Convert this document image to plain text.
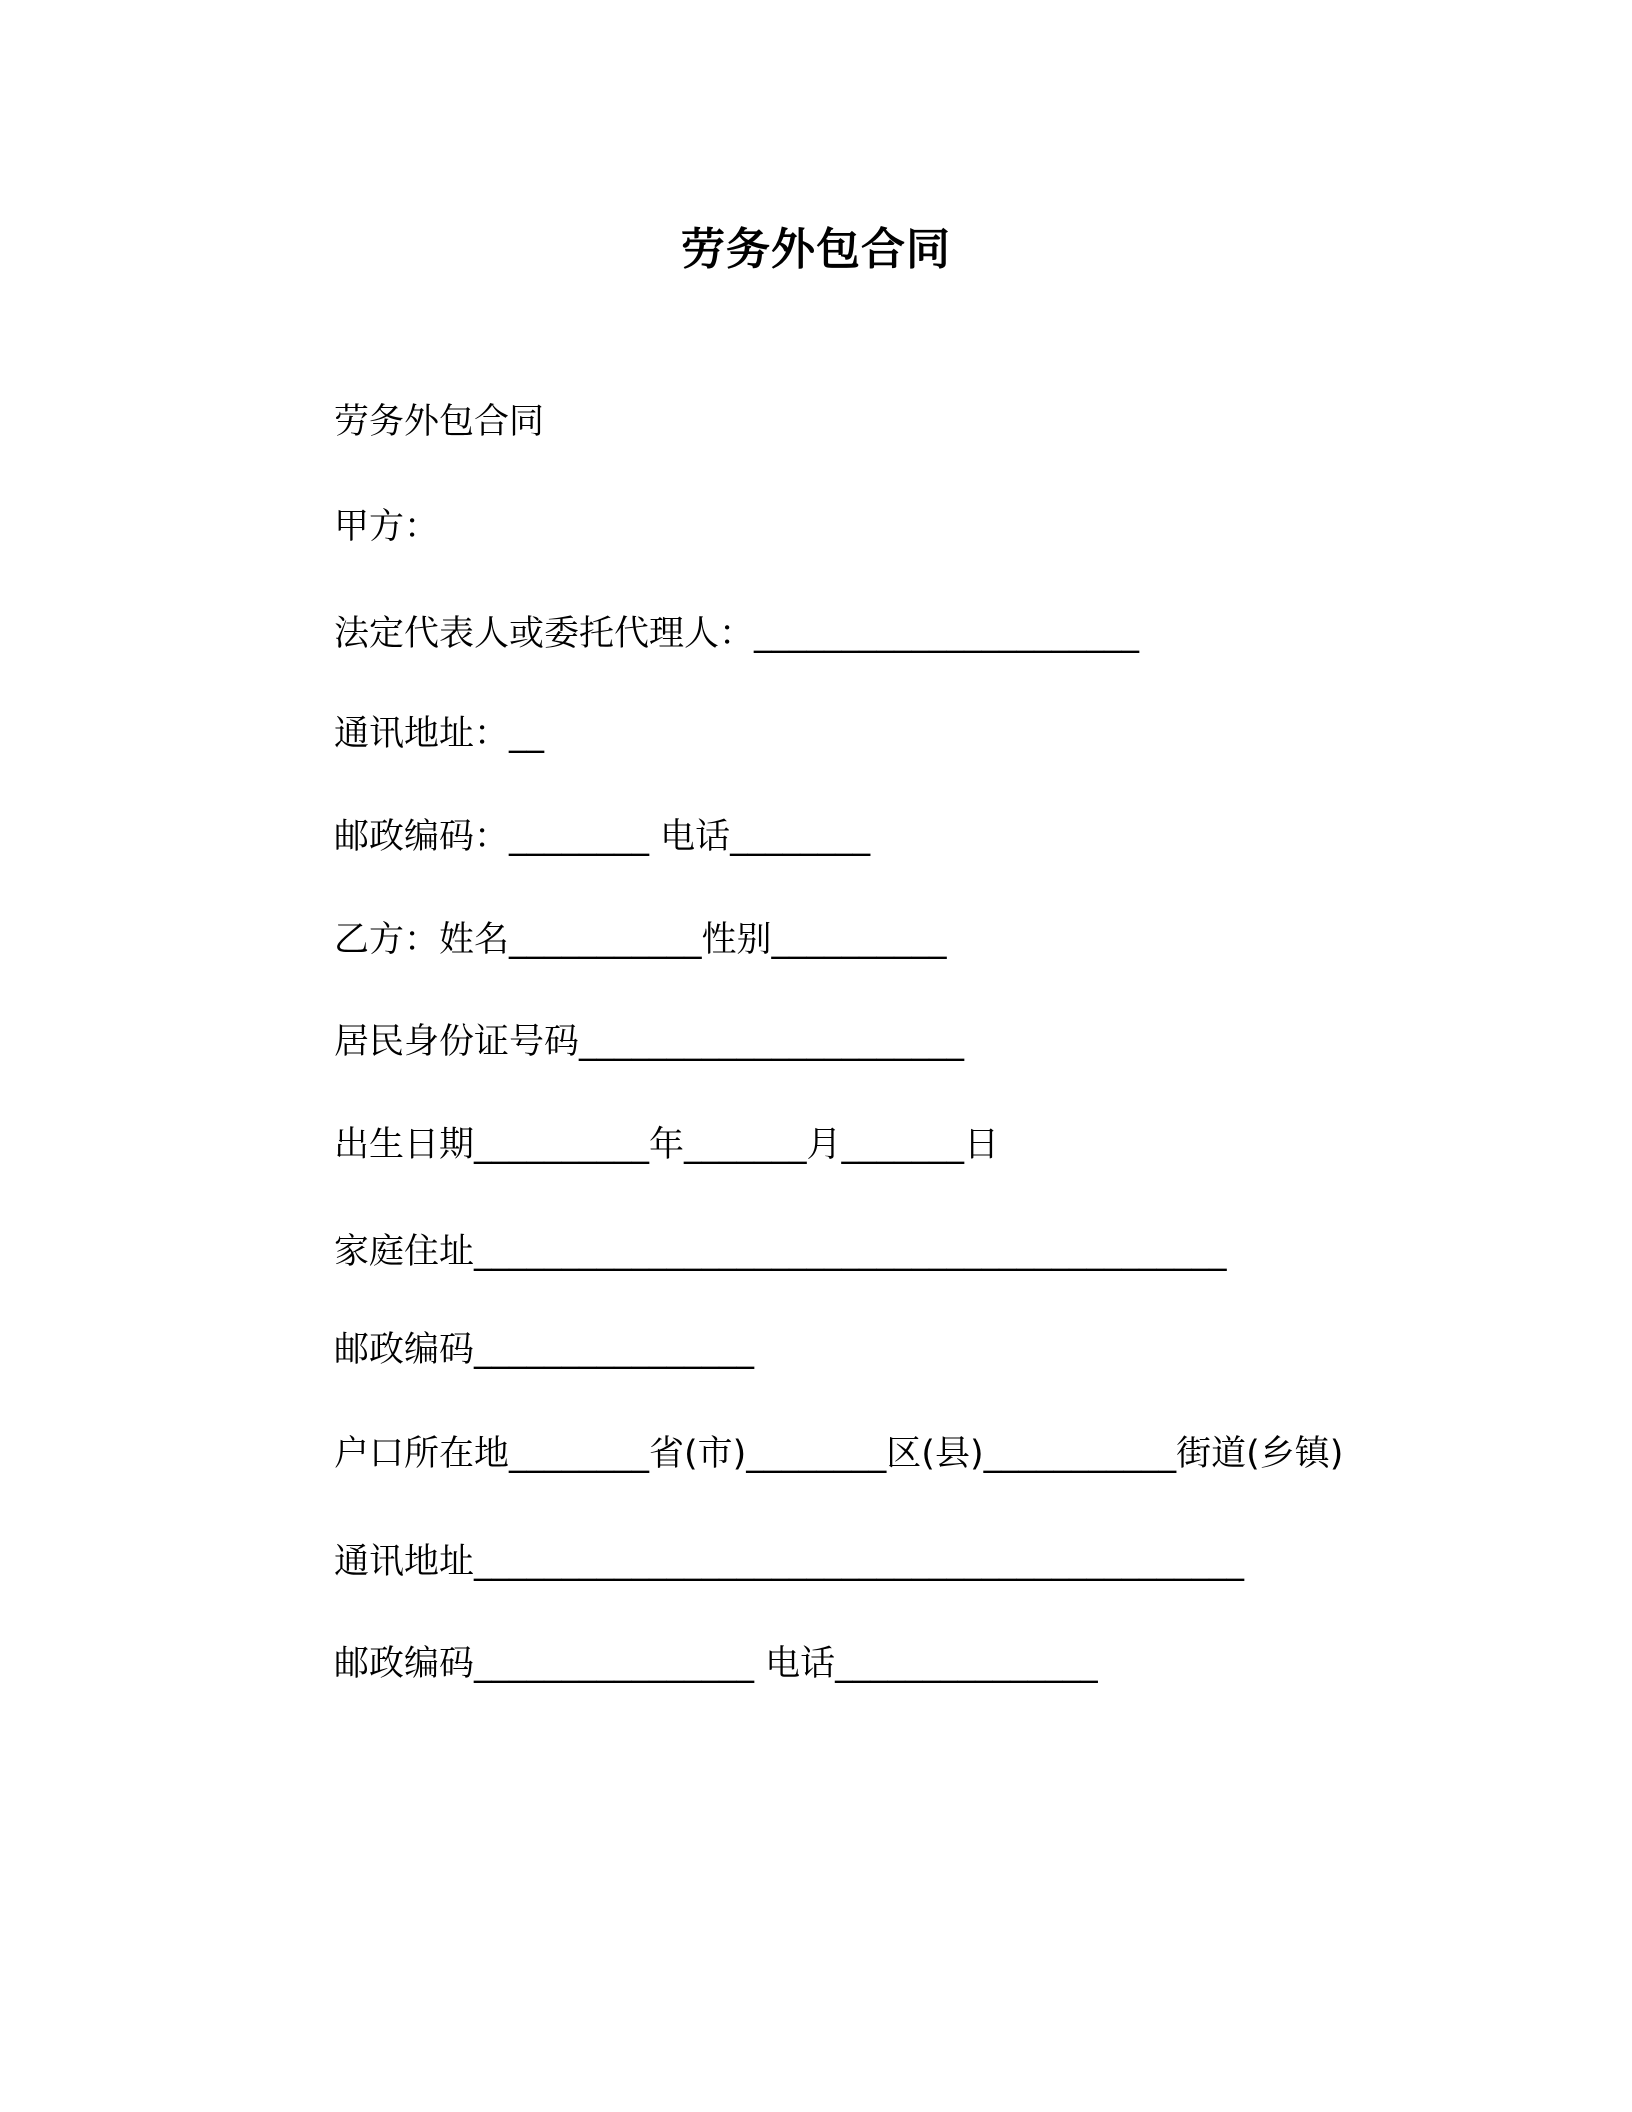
劳务外包合同
劳务外包合同
甲方：
法定代表人或委托代理人：______________________
通讯地址：__
邮政编码：________ 电话________
乙方：姓名___________性别__________
居民身份证号码______________________
出生日期__________年_______月_______日
家庭住址___________________________________________
邮政编码________________
户口所在地________省(市)________区(县)___________街道(乡镇)
通讯地址____________________________________________
邮政编码________________ 电话_______________
